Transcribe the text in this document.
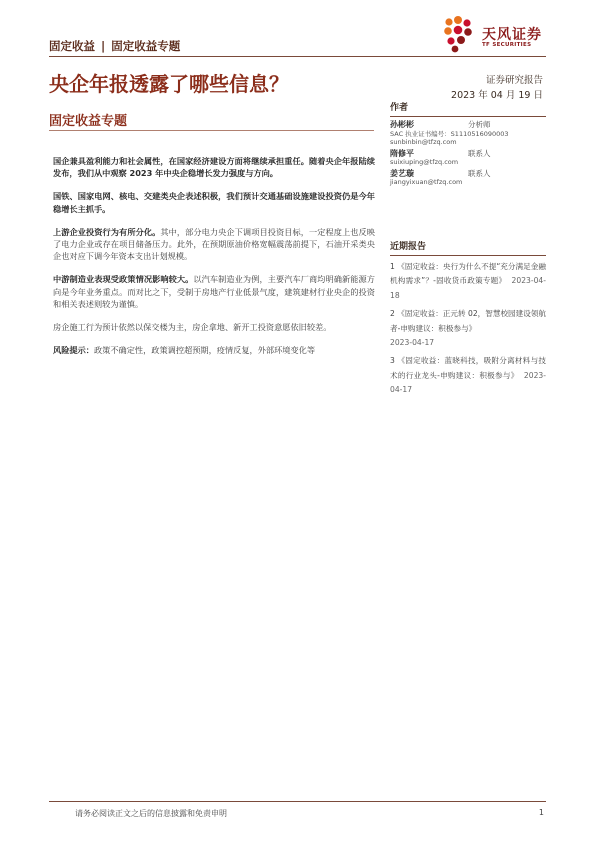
固定收益 | 固定收益专题
天风证券
TF SECURITIES
央企年报透露了哪些信息？	证券研究报告
2023 年 04 月 19 日
固定收益专题

国企兼具盈利能力和社会属性，在国家经济建设方面将继续承担重任。随着央企年报陆续发布，我们从中观察 2023 年中央企稳增长发力强度与方向。

国铁、国家电网、核电、交建类央企表述积极，我们预计交通基础设施建设投资仍是今年稳增长主抓手。

上游企业投资行为有所分化。其中，部分电力央企下调项目投资目标，一定程度上也反映了电力企业或存在项目储备压力。此外，在预期原油价格宽幅震荡前提下，石油开采类央企也对应下调今年资本支出计划规模。

中游制造业表现受政策情况影响较大。以汽车制造业为例，主要汽车厂商均明确新能源方向是今年业务重点。而对比之下，受制于房地产行业低景气度，建筑建材行业央企的投资和相关表述则较为谨慎。

房企施工行为预计依然以保交楼为主，房企拿地、新开工投资意愿依旧较差。

风险提示：政策不确定性，政策调控超预期，疫情反复，外部环境变化等

作者
孙彬彬	分析师
SAC 执业证书编号：S1110516090003
sunbinbin@tfzq.com
隋修平	联系人
suixiuping@tfzq.com
姜艺璇	联系人
jiangyixuan@tfzq.com
近期报告
1 《固定收益：央行为什么不提“充分满足金融机构需求”？-固收货币政策专题》 2023-04-18
2 《固定收益：正元转 02，智慧校园建设领航者-申购建议：积极参与》
2023-04-17
3 《固定收益：蓝晓科技，吸附分离材料与技术的行业龙头-申购建议：积极参与》 2023-04-17
请务必阅读正文之后的信息披露和免责申明	1
